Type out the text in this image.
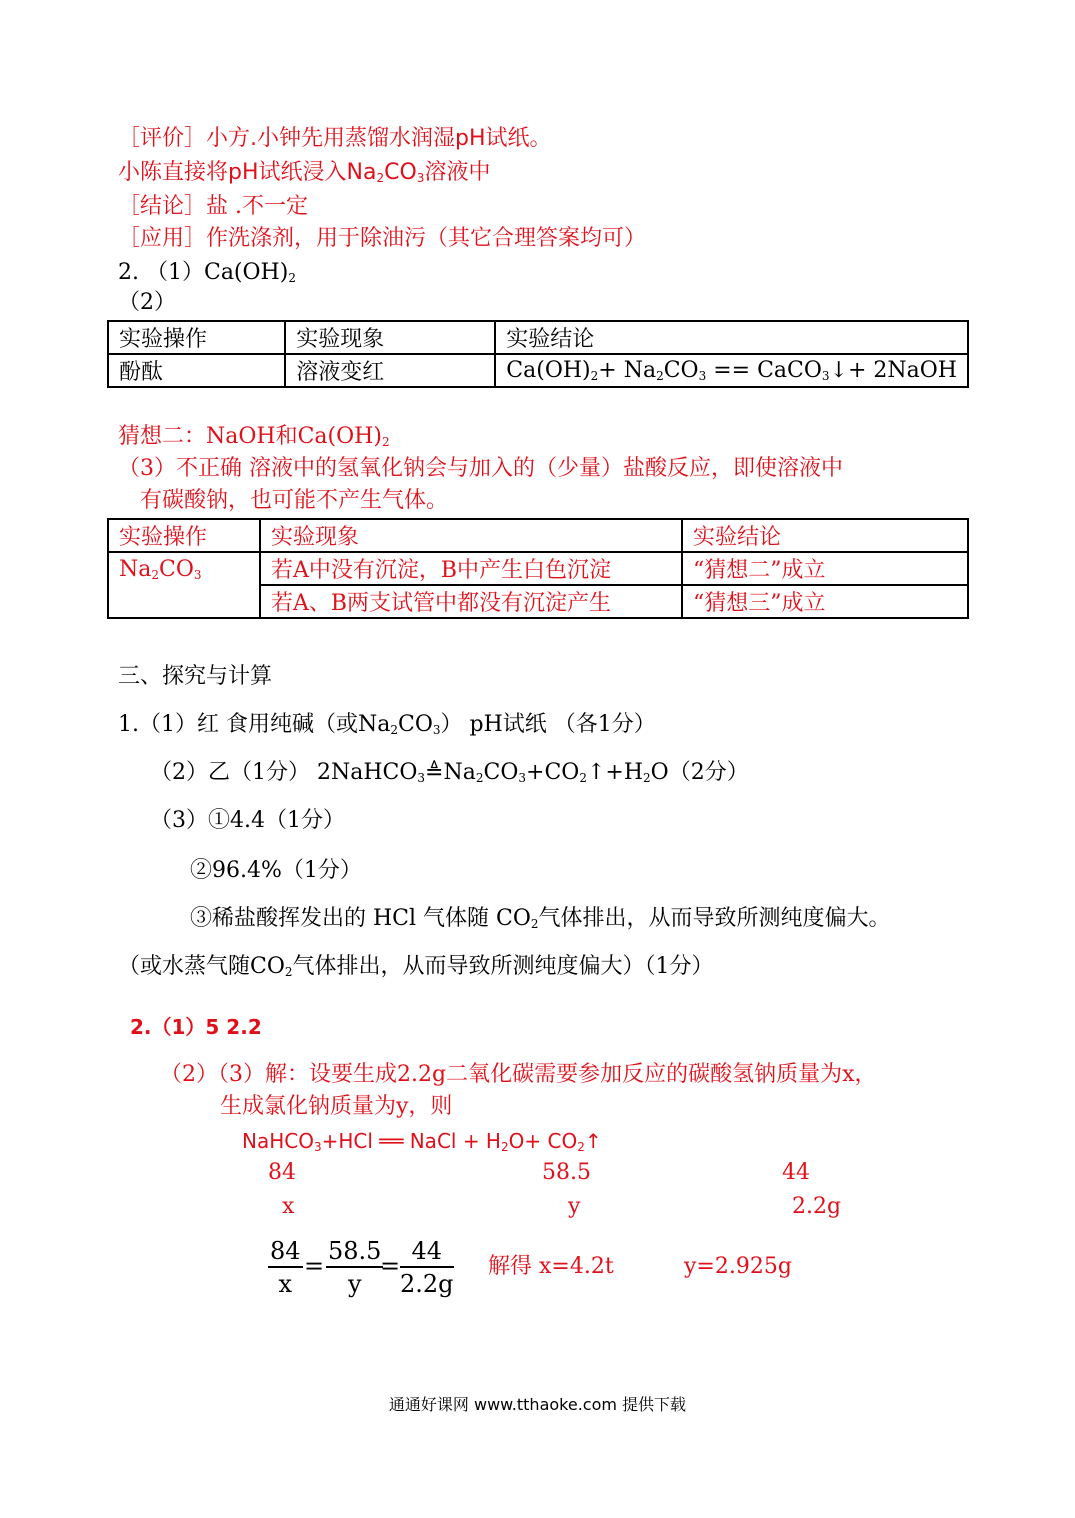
［评价］小方.小钟先用蒸馏水润湿pH试纸。
小陈直接将pH试纸浸入$Na_2CO_3$溶液中
［结论］盐 .不一定
［应用］作洗涤剂，用于除油污（其它合理答案均可）
2. $(1)Ca(OH)_2$
（2）
实验操作	实验现象	实验结论
酚酞	溶液变红	$Ca(OH)_2+ Na_2CO_3$ == CaCO$_3$↓+ 2NaOH
猜想二：NaOH和$Ca(OH)_2$
（3）不正确 溶液中的氢氧化钠会与加入的（少量）盐酸反应，即使溶液中
有碳酸钠，也可能不产生气体。
实验操作	实验现象	实验结论
$Na_2CO_3$	若A中没有沉淀，B中产生白色沉淀	“猜想二”成立
	若A、B两支试管中都没有沉淀产生	“猜想三”成立
三、探究与计算
1.（1）红 食用纯碱（或$Na_2CO_3$） pH试纸 （各1分）
（2）乙（1分） $2NaHCO_3≜Na_2CO_3+CO_2↑+H_2O(2$分）
（3）①4.4（1分）
②96.4%（1分）
③稀盐酸挥发出的 HCl 气体随 $CO_2$气体排出，从而导致所测纯度偏大。
（或水蒸气随$CO_2$气体排出，从而导致所测纯度偏大）（1分）
2.（1）5 2.2
（2）（3）解：设要生成2.2g二氧化碳需要参加反应的碳酸氢钠质量为x，
生成氯化钠质量为y，则
NaHCO$_3$+HCl ══ NaCl + $H_2O+$ $CO_2↑$
84	58.5	44
x	y	2.2g
$\frac{84}{x} = \frac{58.5}{y}$
= $\frac{44}{2.2g}$ 解得 x=4.2t	y=2.925g
通通好课网 www.tthaoke.com 提供下载
